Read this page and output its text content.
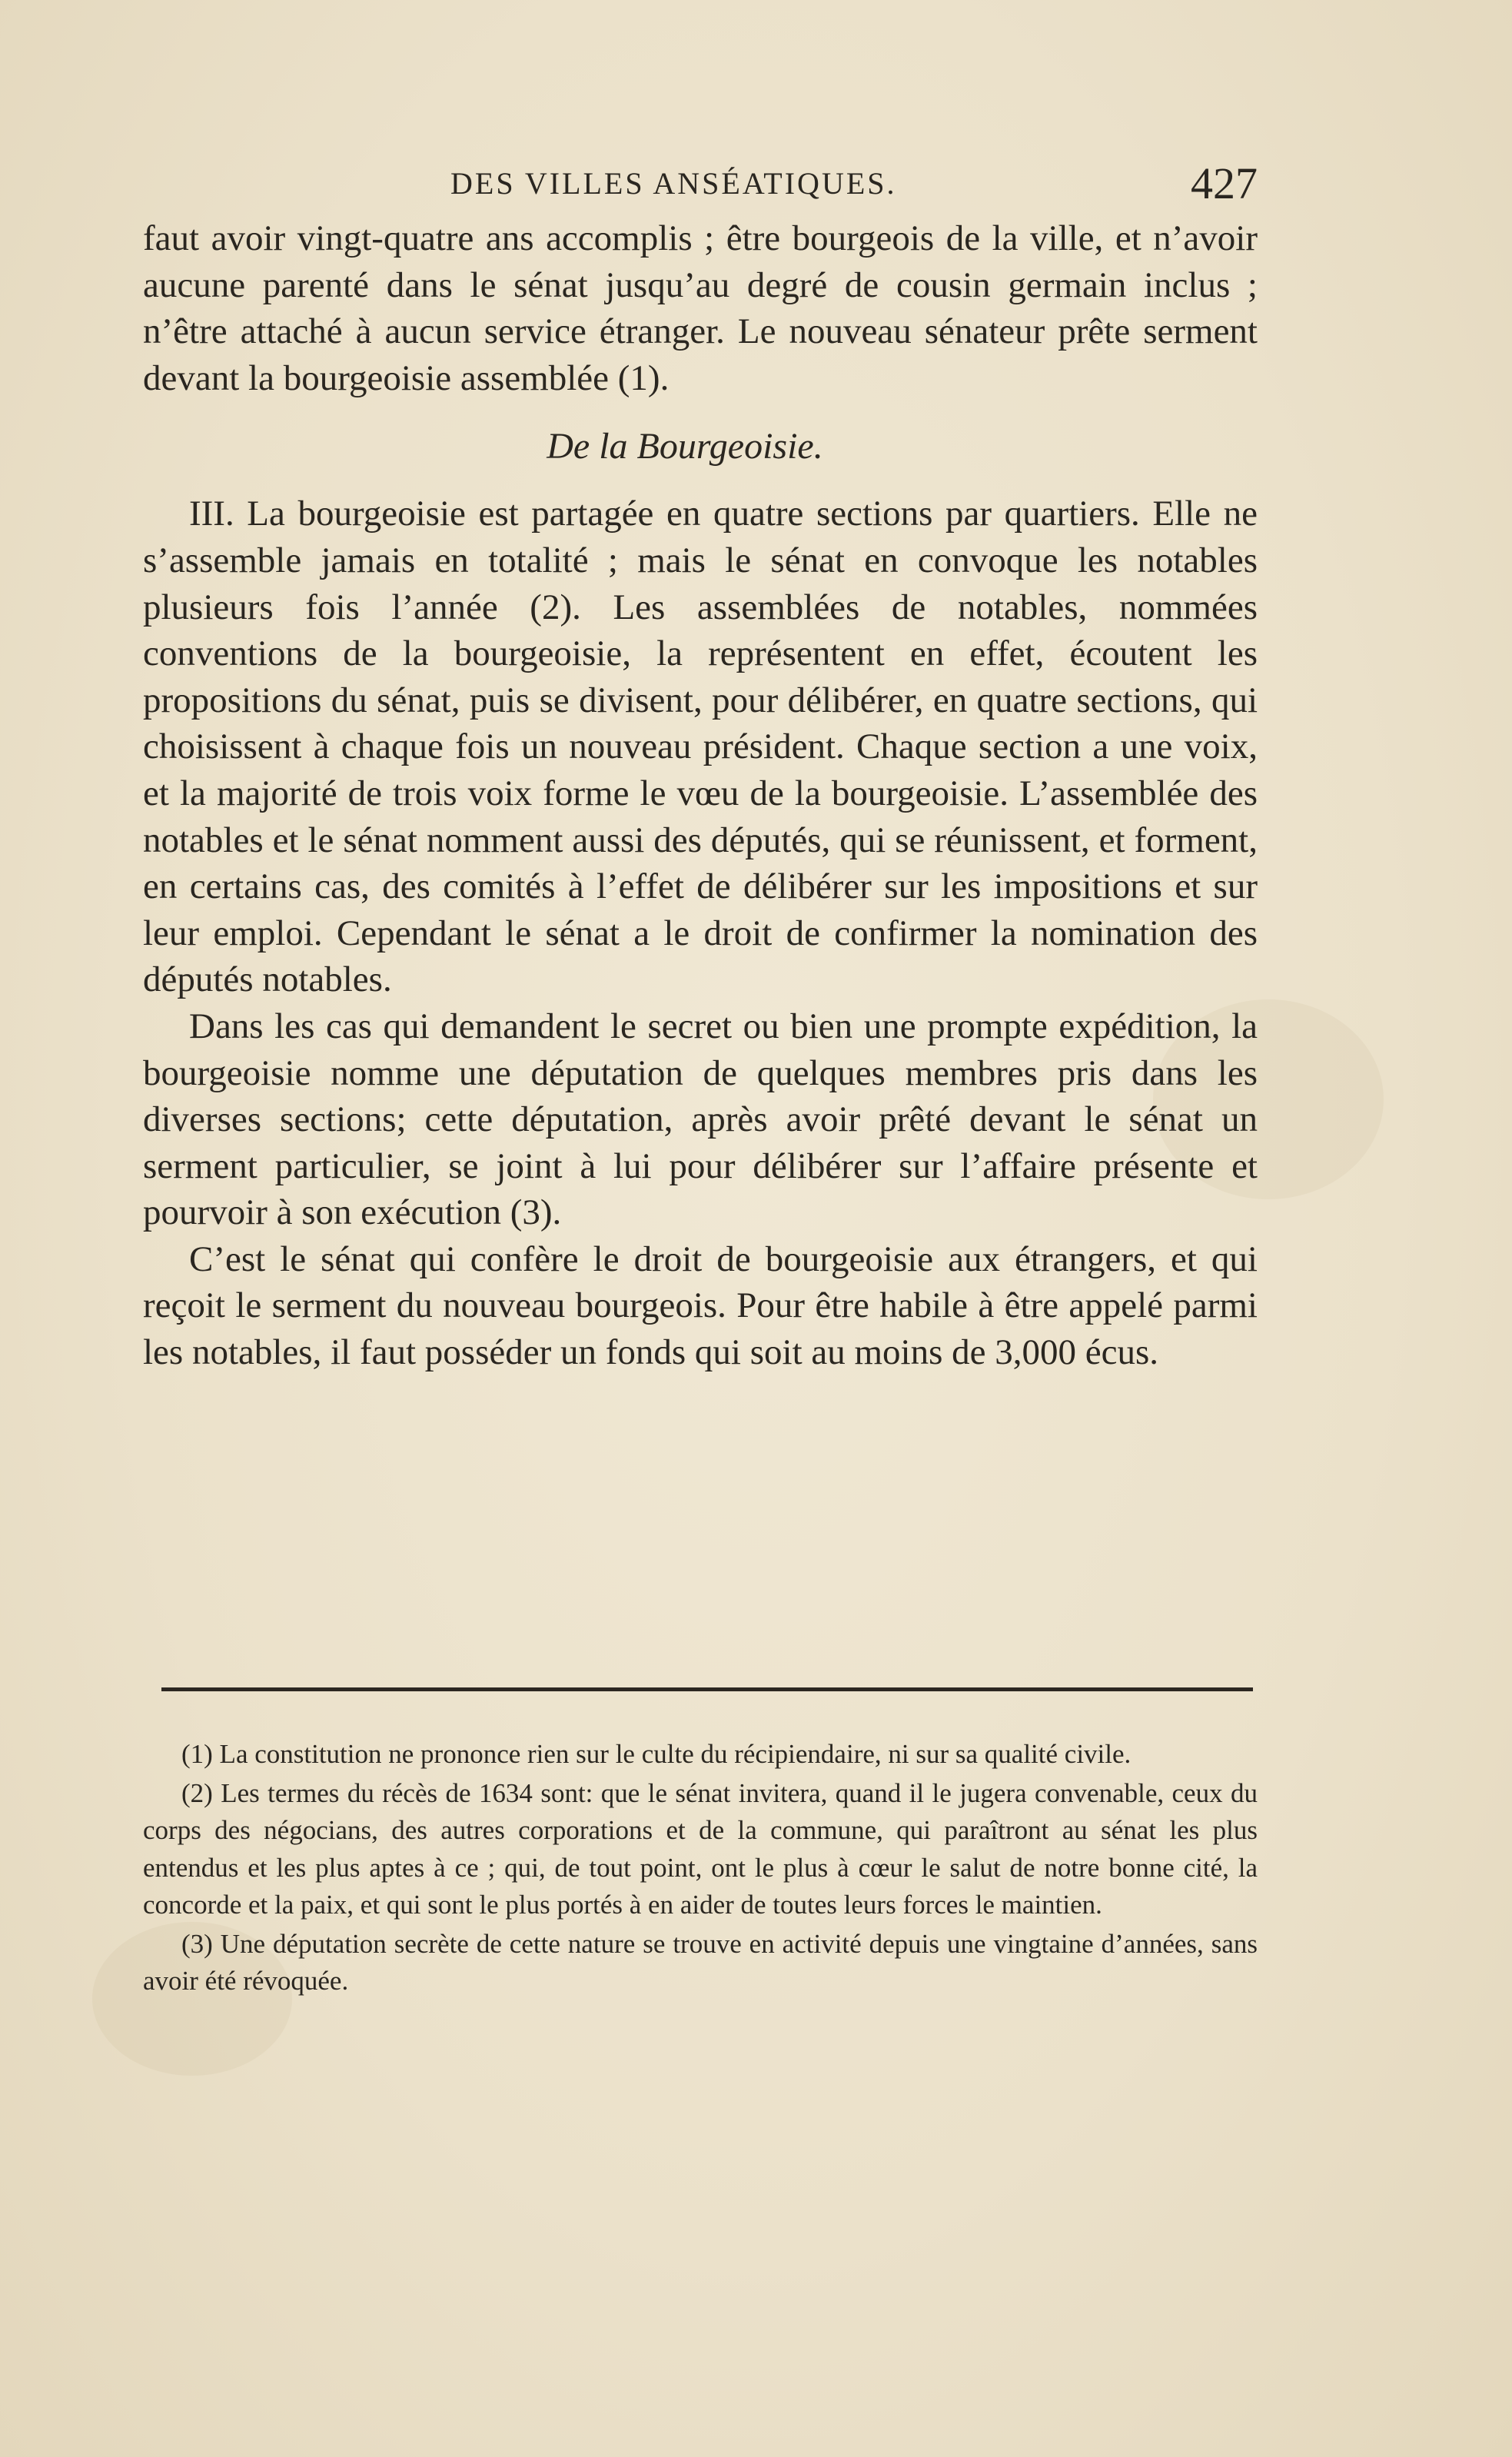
DES VILLES ANSÉATIQUES.	427

faut avoir vingt-quatre ans accomplis ; être bourgeois de la ville, et n’avoir aucune parenté dans le sénat jusqu’au degré de cousin germain inclus ; n’être attaché à aucun service étranger. Le nouveau sénateur prête serment devant la bourgeoisie assemblée (1).

De la Bourgeoisie.

III. La bourgeoisie est partagée en quatre sections par quartiers. Elle ne s’assemble jamais en totalité ; mais le sénat en convoque les notables plusieurs fois l’année (2). Les assemblées de notables, nommées conventions de la bourgeoisie, la représentent en effet, écoutent les propositions du sénat, puis se divisent, pour délibérer, en quatre sections, qui choisissent à chaque fois un nouveau président. Chaque section a une voix, et la majorité de trois voix forme le vœu de la bourgeoisie. L’assemblée des notables et le sénat nomment aussi des députés, qui se réunissent, et forment, en certains cas, des comités à l’effet de délibérer sur les impositions et sur leur emploi. Cependant le sénat a le droit de confirmer la nomination des députés notables.

Dans les cas qui demandent le secret ou bien une prompte expédition, la bourgeoisie nomme une députation de quelques membres pris dans les diverses sections; cette députation, après avoir prêté devant le sénat un serment particulier, se joint à lui pour délibérer sur l’affaire présente et pourvoir à son exécution (3).

C’est le sénat qui confère le droit de bourgeoisie aux étrangers, et qui reçoit le serment du nouveau bourgeois. Pour être habile à être appelé parmi les notables, il faut posséder un fonds qui soit au moins de 3,000 écus.

(1) La constitution ne prononce rien sur le culte du récipiendaire, ni sur sa qualité civile.

(2) Les termes du récès de 1634 sont: que le sénat invitera, quand il le jugera convenable, ceux du corps des négocians, des autres corporations et de la commune, qui paraîtront au sénat les plus entendus et les plus aptes à ce ; qui, de tout point, ont le plus à cœur le salut de notre bonne cité, la concorde et la paix, et qui sont le plus portés à en aider de toutes leurs forces le maintien.

(3) Une députation secrète de cette nature se trouve en activité depuis une vingtaine d’années, sans avoir été révoquée.
